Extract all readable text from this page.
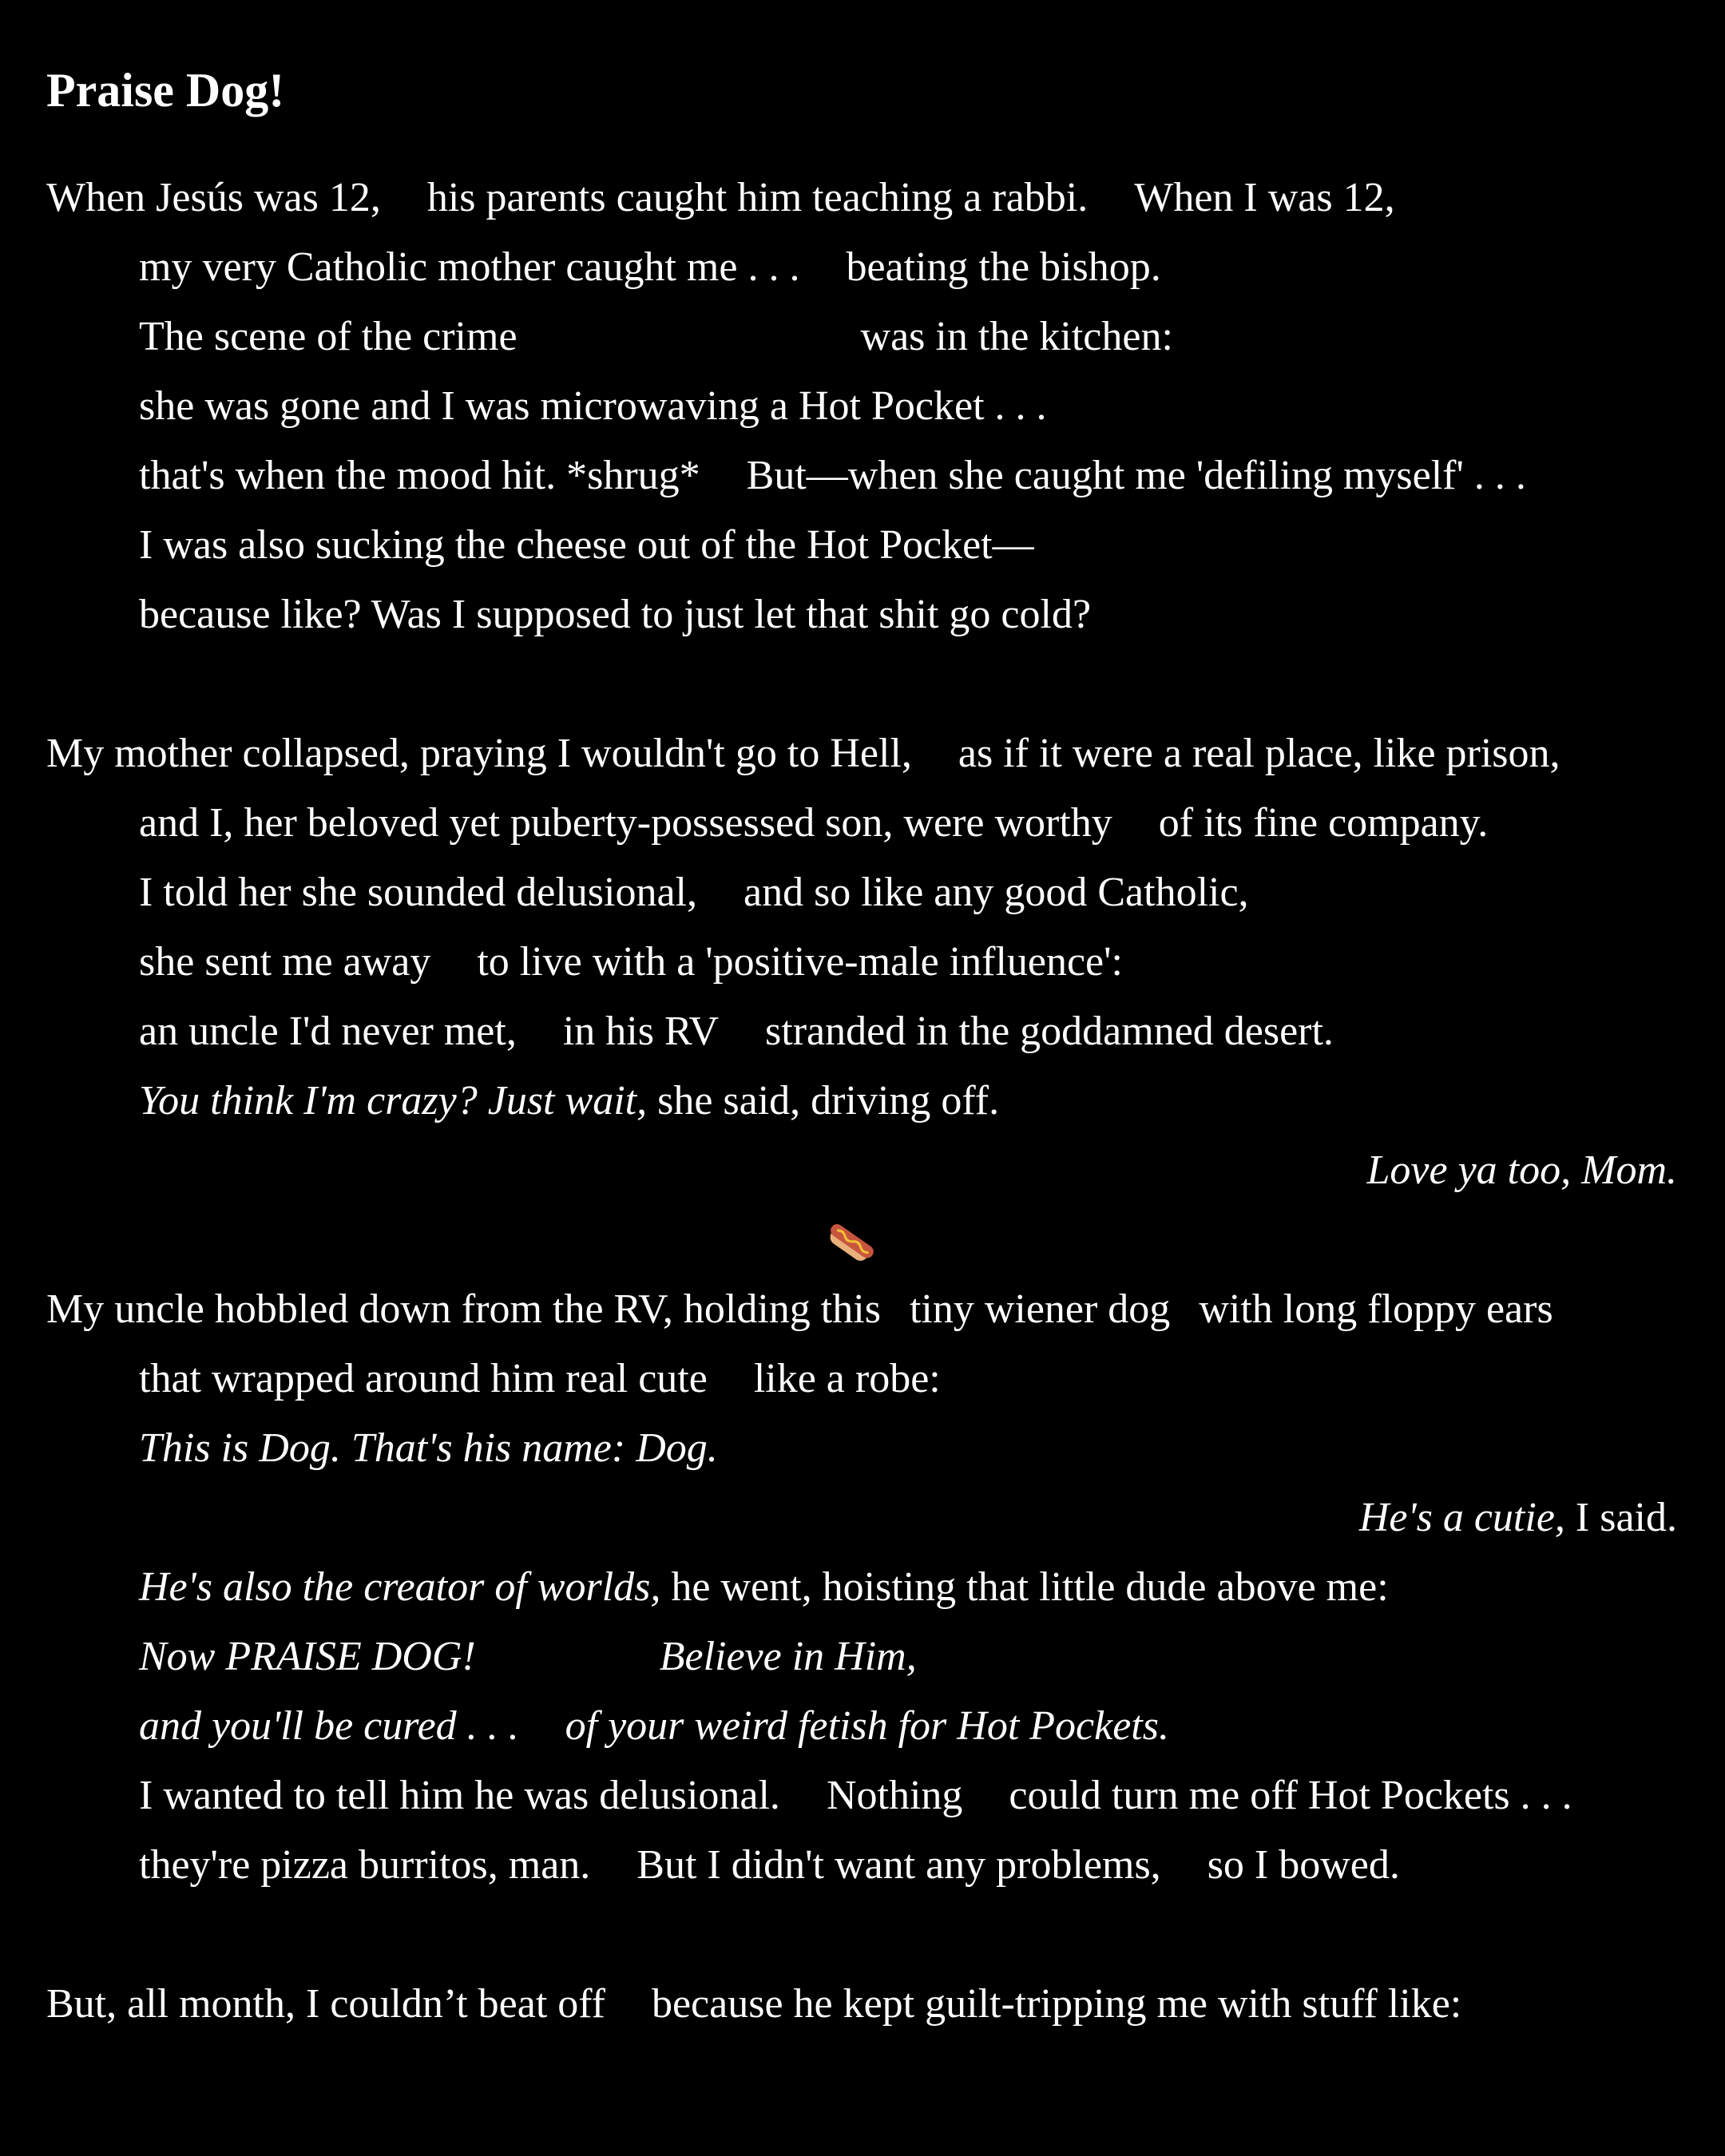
Praise Dog!
When Jesús was 12, his parents caught him teaching a rabbi. When I was 12,
my very Catholic mother caught me . . . beating the bishop.
The scene of the crime	was in the kitchen:
she was gone and I was microwaving a Hot Pocket . . .
that's when the mood hit. *shrug* But—when she caught me 'defiling myself' . . .
I was also sucking the cheese out of the Hot Pocket—
because like? Was I supposed to just let that shit go cold?
My mother collapsed, praying I wouldn't go to Hell, as if it were a real place, like prison,
and I, her beloved yet puberty-possessed son, were worthy of its fine company.
I told her she sounded delusional, and so like any good Catholic,
she sent me away to live with a 'positive-male influence':
an uncle I'd never met, in his RV stranded in the goddamned desert.
You think I'm crazy? Just wait, she said, driving off.
Love ya too, Mom.
My uncle hobbled down from the RV, holding this tiny wiener dog with long floppy ears
that wrapped around him real cute like a robe:
This is Dog. That's his name: Dog.
He's a cutie, I said.
He's also the creator of worlds, he went, hoisting that little dude above me:
Now PRAISE DOG!	Believe in Him,
and you'll be cured . . . of your weird fetish for Hot Pockets.
I wanted to tell him he was delusional. Nothing could turn me off Hot Pockets . . .
they're pizza burritos, man. But I didn't want any problems, so I bowed.
But, all month, I couldn’t beat off because he kept guilt-tripping me with stuff like:
